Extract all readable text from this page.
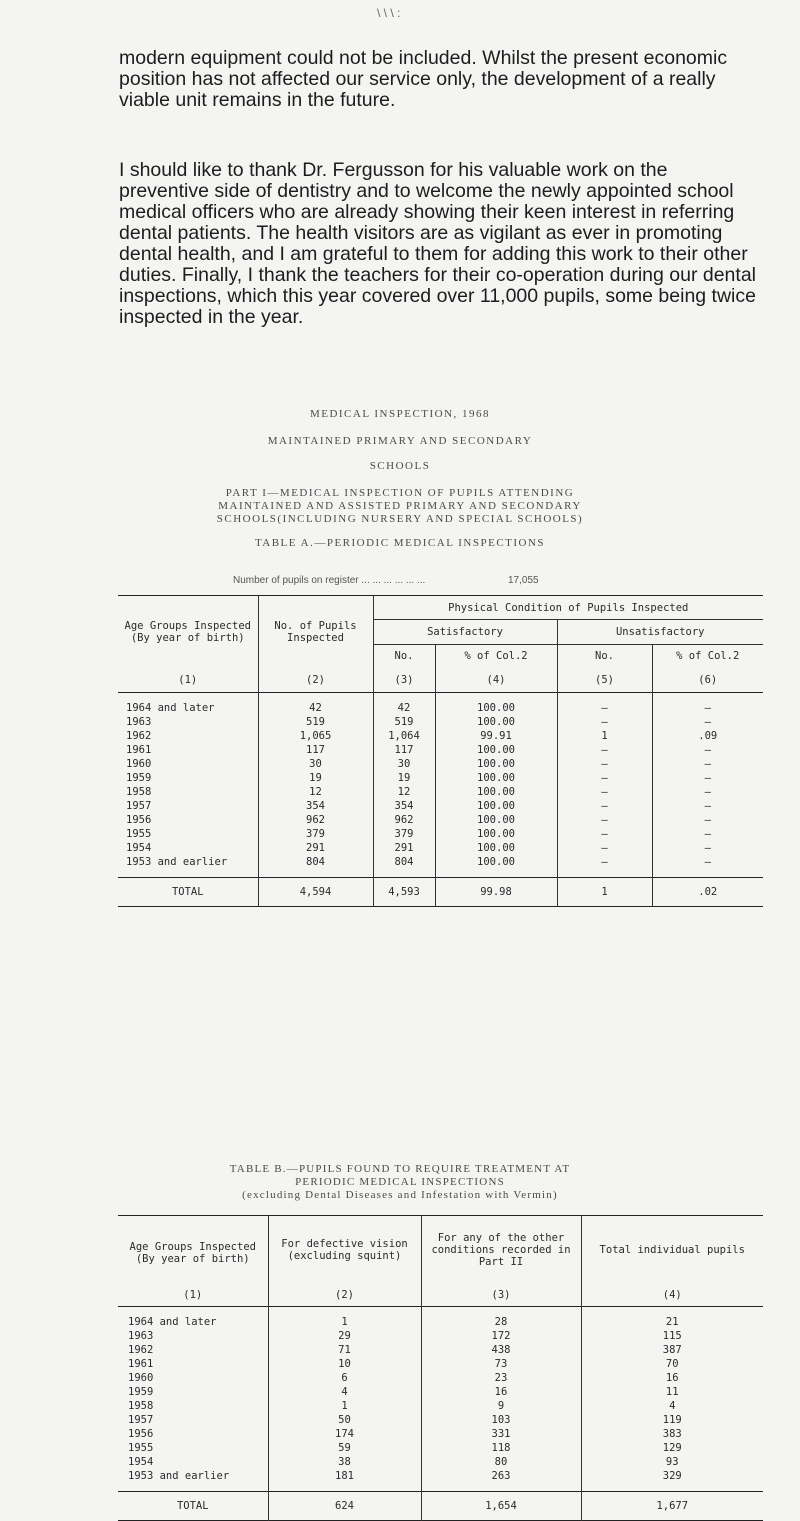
\ \ \ :

modern equipment could not be included. Whilst the present economic position has not affected our service only, the development of a really viable unit remains in the future.

I should like to thank Dr. Fergusson for his valuable work on the preventive side of dentistry and to welcome the newly appointed school medical officers who are already showing their keen interest in referring dental patients. The health visitors are as vigilant as ever in promoting dental health, and I am grateful to them for adding this work to their other duties. Finally, I thank the teachers for their co-operation during our dental inspections, which this year covered over 11,000 pupils, some being twice inspected in the year.

MEDICAL INSPECTION, 1968
MAINTAINED PRIMARY AND SECONDARY
SCHOOLS
PART I—MEDICAL INSPECTION OF PUPILS ATTENDING
MAINTAINED AND ASSISTED PRIMARY AND SECONDARY
SCHOOLS(INCLUDING NURSERY AND SPECIAL SCHOOLS)
TABLE A.—PERIODIC MEDICAL INSPECTIONS
Number of pupils on register ... ... ... ... ... ...	17,055
Age Groups Inspected (By year of birth)	No. of Pupils Inspected	Physical Condition of Pupils Inspected			
		Satisfactory		Unsatisfactory	
		No.	% of Col.2	No.	% of Col.2
(1)	(2)	(3)	(4)	(5)	(6)

1964 and later	42	42	100.00	–	–
1963	519	519	100.00	–	–
1962	1,065	1,064	99.91	1	.09
1961	117	117	100.00	–	–
1960	30	30	100.00	–	–
1959	19	19	100.00	–	–
1958	12	12	100.00	–	–
1957	354	354	100.00	–	–
1956	962	962	100.00	–	–
1955	379	379	100.00	–	–
1954	291	291	100.00	–	–
1953 and earlier	804	804	100.00	–	–

TOTAL	4,594	4,593	99.98	1	.02
TABLE B.—PUPILS FOUND TO REQUIRE TREATMENT AT
PERIODIC MEDICAL INSPECTIONS
(excluding Dental Diseases and Infestation with Vermin)
Age Groups Inspected (By year of birth)	For defective vision (excluding squint)	For any of the other conditions recorded in Part II	Total individual pupils
(1)	(2)	(3)	(4)

1964 and later	1	28	21
1963	29	172	115
1962	71	438	387
1961	10	73	70
1960	6	23	16
1959	4	16	11
1958	1	9	4
1957	50	103	119
1956	174	331	383
1955	59	118	129
1954	38	80	93
1953 and earlier	181	263	329

TOTAL	624	1,654	1,677
